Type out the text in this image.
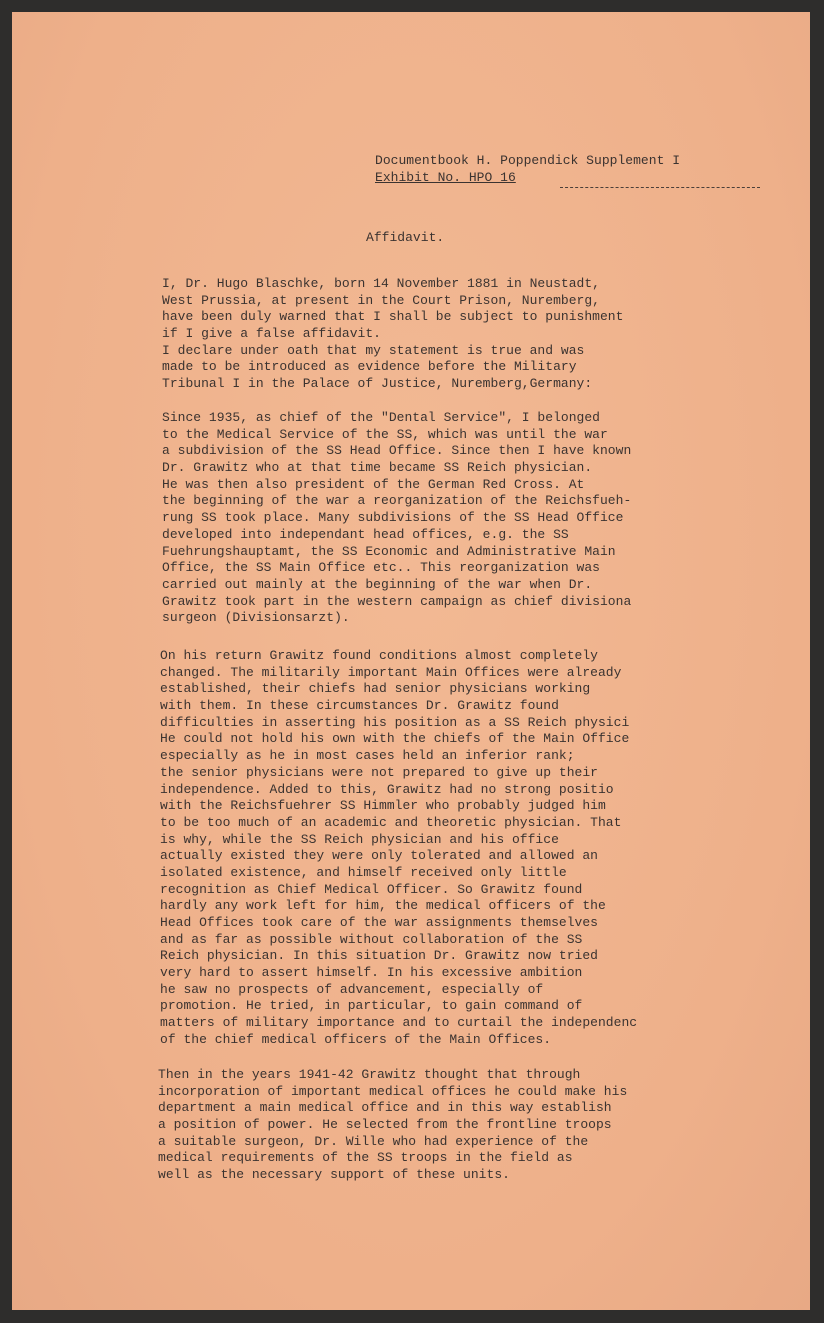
Documentbook H. Poppendick Supplement I
Exhibit No. HPO 16
Affidavit.
I, Dr. Hugo Blaschke, born 14 November 1881 in Neustadt,
West Prussia, at present in the Court Prison, Nuremberg,
have been duly warned that I shall be subject to punishment
if I give a false affidavit.
I declare under oath that my statement is true and was
made to be introduced as evidence before the Military
Tribunal I in the Palace of Justice, Nuremberg,Germany:
Since 1935, as chief of the "Dental Service", I belonged
to the Medical Service of the SS, which was until the war
a subdivision of the SS Head Office. Since then I have known
Dr. Grawitz who at that time became SS Reich physician.
He was then also president of the German Red Cross. At
the beginning of the war a reorganization of the Reichsfueh-
rung SS took place. Many subdivisions of the SS Head Office
developed into independant head offices, e.g. the SS
Fuehrungshauptamt, the SS Economic and Administrative Main
Office, the SS Main Office etc.. This reorganization was
carried out mainly at the beginning of the war when Dr.
Grawitz took part in the western campaign as chief divisiona
surgeon (Divisionsarzt).
On his return Grawitz found conditions almost completely
changed. The militarily important Main Offices were already
established, their chiefs had senior physicians working
with them. In these circumstances Dr. Grawitz found
difficulties in asserting his position as a SS Reich physici
He could not hold his own with the chiefs of the Main Office
especially as he in most cases held an inferior rank;
the senior physicians were not prepared to give up their
independence. Added to this, Grawitz had no strong positio
with the Reichsfuehrer SS Himmler who probably judged him
to be too much of an academic and theoretic physician. That
is why, while the SS Reich physician and his office
actually existed they were only tolerated and allowed an
isolated existence, and himself received only little
recognition as Chief Medical Officer. So Grawitz found
hardly any work left for him, the medical officers of the
Head Offices took care of the war assignments themselves
and as far as possible without collaboration of the SS
Reich physician. In this situation Dr. Grawitz now tried
very hard to assert himself. In his excessive ambition
he saw no prospects of advancement, especially of
promotion. He tried, in particular, to gain command of
matters of military importance and to curtail the independenc
of the chief medical officers of the Main Offices.
Then in the years 1941-42 Grawitz thought that through
incorporation of important medical offices he could make his
department a main medical office and in this way establish
a position of power. He selected from the frontline troops
a suitable surgeon, Dr. Wille who had experience of the
medical requirements of the SS troops in the field as
well as the necessary support of these units.
